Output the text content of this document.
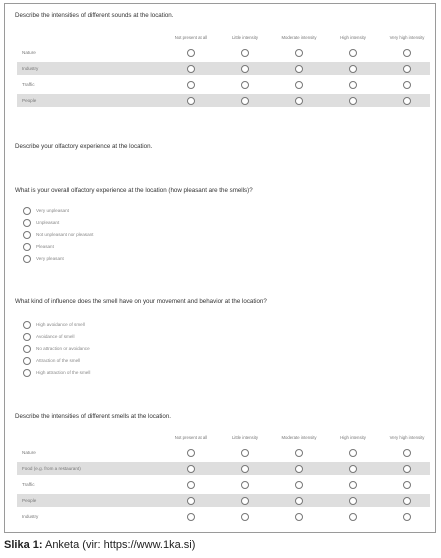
Describe the intensities of different sounds at the location.
Not present at all	Little intensity	Moderate intensity	High intensity	Very high intensity
Nature
Industry
Traffic
People
Describe your olfactory experience at the location.
What is your overall olfactory experience at the location (how pleasant are the smells)?
Very unpleasant
Unpleasant
Not unpleasant nor pleasant
Pleasant
Very pleasant
What kind of influence does the smell have on your movement and behavior at the location?
High avoidance of smell
Avoidance of smell
No attraction or avoidance
Attraction of the smell
High attraction of the smell
Describe the intensities of different smells at the location.
Not present at all	Little intensity	Moderate intensity	High intensity	Very high intensity
Nature
Food (e.g. from a restaurant)
Traffic
People
Industry
Slika 1: Anketa (vir: https://www.1ka.si)
